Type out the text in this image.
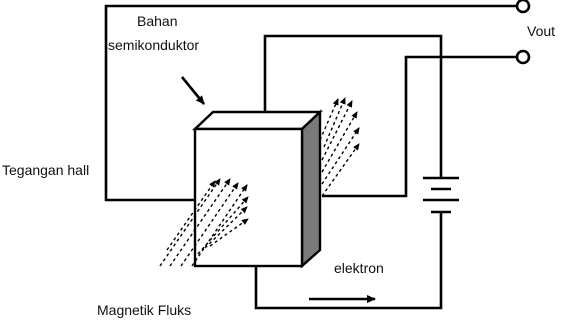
Bahan
semikonduktor
Vout
Tegangan hall
elektron
Magnetik Fluks
